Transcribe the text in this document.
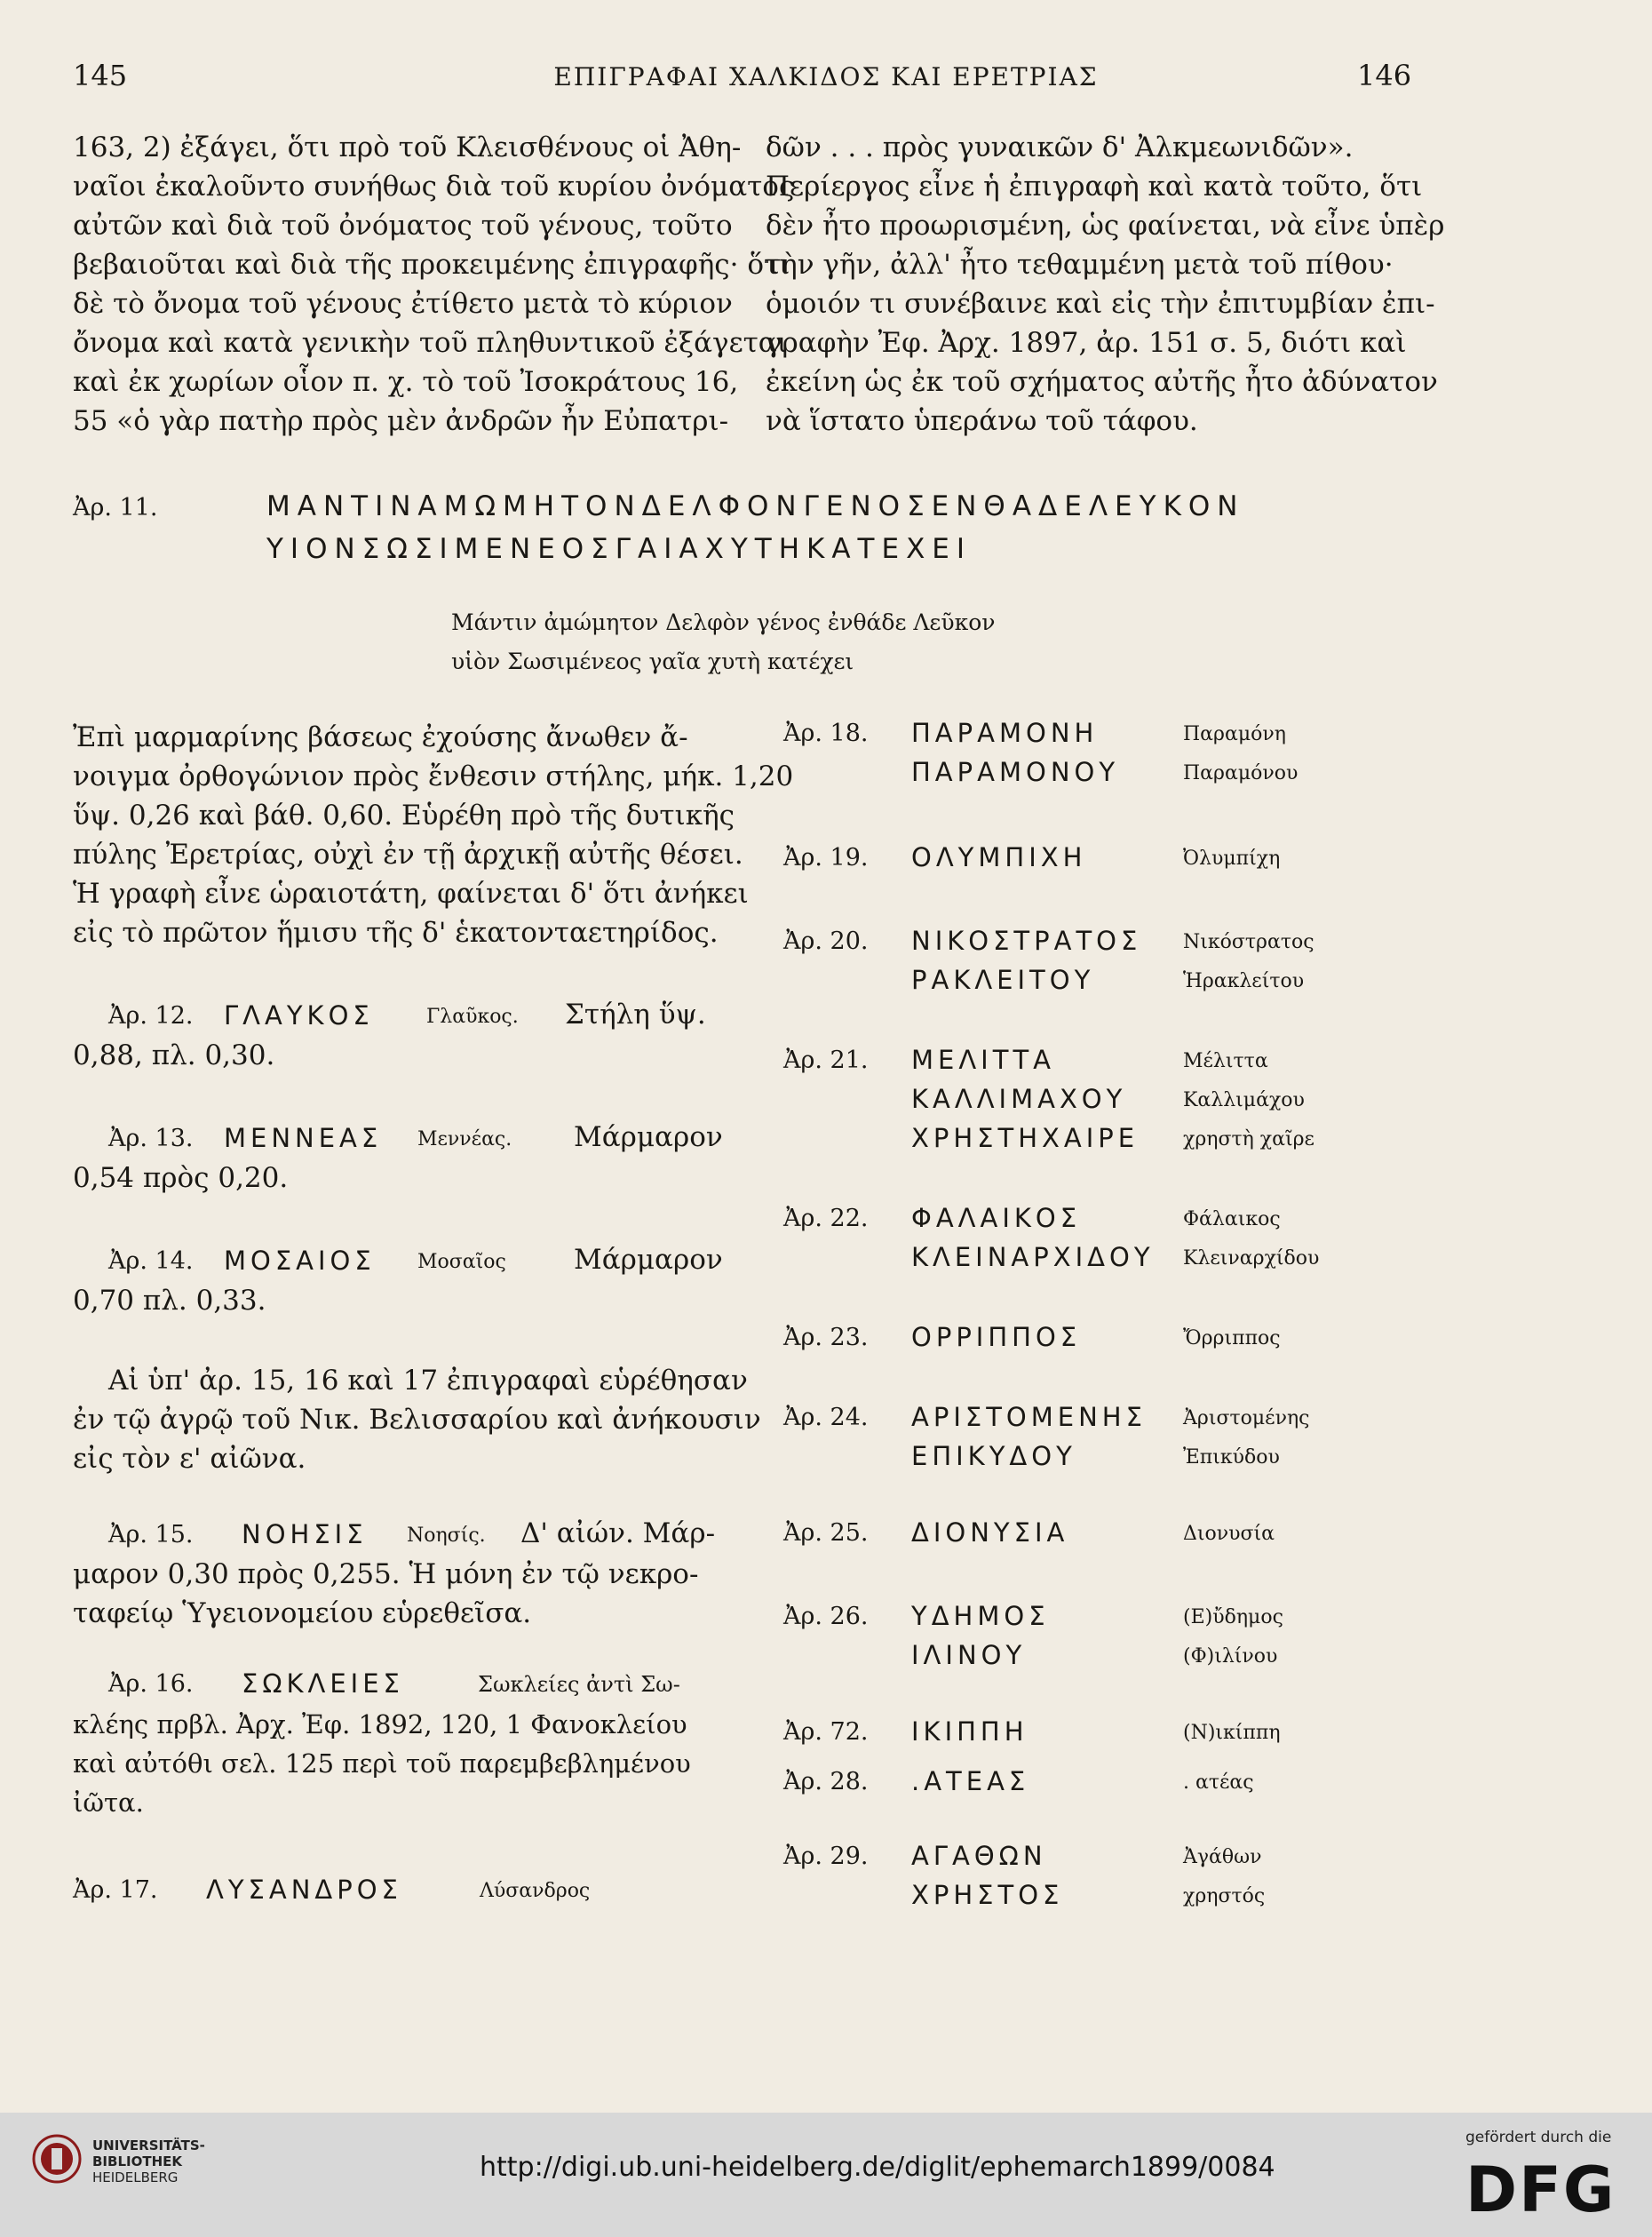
145	ΕΠΙΓΡΑΦΑΙ ΧΑΛΚΙΔΟΣ ΚΑΙ ΕΡΕΤΡΙΑΣ	146
163, 2) ἐξάγει, ὅτι πρὸ τοῦ Κλεισθένους οἱ Ἀθη-
ναῖοι ἐκαλοῦντο συνήθως διὰ τοῦ κυρίου ὀνόματος
αὐτῶν καὶ διὰ τοῦ ὀνόματος τοῦ γένους, τοῦτο
βεβαιοῦται καὶ διὰ τῆς προκειμένης ἐπιγραφῆς· ὅτι
δὲ τὸ ὄνομα τοῦ γένους ἐτίθετο μετὰ τὸ κύριον
ὄνομα καὶ κατὰ γενικὴν τοῦ πληθυντικοῦ ἐξάγεται
καὶ ἐκ χωρίων οἷον π. χ. τὸ τοῦ Ἰσοκράτους 16,
55 «ὁ γὰρ πατὴρ πρὸς μὲν ἀνδρῶν ἦν Εὐπατρι-
δῶν . . . πρὸς γυναικῶν δ' Ἀλκμεωνιδῶν».
Περίεργος εἶνε ἡ ἐπιγραφὴ καὶ κατὰ τοῦτο, ὅτι
δὲν ἦτο προωρισμένη, ὡς φαίνεται, νὰ εἶνε ὑπὲρ
τὴν γῆν, ἀλλ' ἦτο τεθαμμένη μετὰ τοῦ πίθου·
ὁμοιόν τι συνέβαινε καὶ εἰς τὴν ἐπιτυμβίαν ἐπι-
γραφὴν Ἐφ. Ἀρχ. 1897, ἀρ. 151 σ. 5, διότι καὶ
ἐκείνη ὡς ἐκ τοῦ σχήματος αὐτῆς ἦτο ἀδύνατον
νὰ ἵστατο ὑπεράνω τοῦ τάφου.
Ἀρ. 11.	ΜΑΝΤΙΝΑΜΩΜΗΤΟΝΔΕΛΦΟΝΓΕΝΟΣΕΝΘΑΔΕΛΕΥΚΟΝ
ΥΙΟΝΣΩΣΙΜΕΝΕΟΣΓΑΙΑΧΥΤΗΚΑΤΕΧΕΙ
Μάντιν ἀμώμητον Δελφὸν γένος ἐνθάδε Λεῦκον
υἱὸν Σωσιμένεος γαῖα χυτὴ κατέχει
Ἐπὶ μαρμαρίνης βάσεως ἐχούσης ἄνωθεν ἄ-
νοιγμα ὀρθογώνιον πρὸς ἔνθεσιν στήλης, μήκ. 1,20
ὕψ. 0,26 καὶ βάθ. 0,60. Εὑρέθη πρὸ τῆς δυτικῆς
πύλης Ἐρετρίας, οὐχὶ ἐν τῇ ἀρχικῇ αὐτῆς θέσει.
Ἡ γραφὴ εἶνε ὡραιοτάτη, φαίνεται δ' ὅτι ἀνήκει
εἰς τὸ πρῶτον ἥμισυ τῆς δ' ἑκατονταετηρίδος.
Ἀρ. 12. ΓΛΑΥΚΟΣ	Γλαῦκος. Στήλη ὕψ.
0,88, πλ. 0,30.
Ἀρ. 13. ΜΕΝΝΕΑΣ Μεννέας. Μάρμαρον
0,54 πρὸς 0,20.
Ἀρ. 14. ΜΟΣΑΙΟΣ Μοσαῖος Μάρμαρον
0,70 πλ. 0,33.
Αἱ ὑπ' ἀρ. 15, 16 καὶ 17 ἐπιγραφαὶ εὑρέθησαν
ἐν τῷ ἀγρῷ τοῦ Νικ. Βελισσαρίου καὶ ἀνήκουσιν
εἰς τὸν ε' αἰῶνα.
Ἀρ. 15. ΝΟΗΣΙΣ Νοησίς. Δ' αἰών. Μάρ-
μαρον 0,30 πρὸς 0,255. Ἡ μόνη ἐν τῷ νεκρο-
ταφείῳ Ὑγειονομείου εὑρεθεῖσα.
Ἀρ. 16. ΣΩΚΛΕΙΕΣ	Σωκλείες ἀντὶ Σω-
κλέης πρβλ. Ἀρχ. Ἐφ. 1892, 120, 1 Φανοκλείου
καὶ αὐτόθι σελ. 125 περὶ τοῦ παρεμβεβλημένου
ἰῶτα.
Ἀρ. 17. ΛΥΣΑΝΔΡΟΣ	Λύσανδρος
Ἀρ. 18. ΠΑΡΑΜΟΝΗ	Παραμόνη
ΠΑΡΑΜΟΝΟΥ	Παραμόνου
Ἀρ. 19. ΟΛΥΜΠΙΧΗ	Ὀλυμπίχη
Ἀρ. 20. ΝΙΚΟΣΤΡΑΤΟΣ Νικόστρατος
ΡΑΚΛΕΙΤΟΥ	Ἡρακλείτου
Ἀρ. 21. ΜΕΛΙΤΤΑ	Μέλιττα
ΚΑΛΛΙΜΑΧΟΥ	Καλλιμάχου
ΧΡΗΣΤΗΧΑΙΡΕ χρηστὴ χαῖρε
Ἀρ. 22. ΦΑΛΑΙΚΟΣ	Φάλαικος
ΚΛΕΙΝΑΡΧΙΔΟΥ Κλειναρχίδου
Ἀρ. 23. ΟΡΡΙΠΠΟΣ	Ὄρριππος
Ἀρ. 24. ΑΡΙΣΤΟΜΕΝΗΣ Ἀριστομένης
ΕΠΙΚΥΔΟΥ	Ἐπικύδου
Ἀρ. 25. ΔΙΟΝΥΣΙΑ	Διονυσία
Ἀρ. 26. ΥΔΗΜΟΣ	(Ε)ὔδημος
ΙΛΙΝΟΥ	(Φ)ιλίνου
Ἀρ. 72. ΙΚΙΠΠΗ	(Ν)ικίππη
Ἀρ. 28. .ΑΤΕΑΣ	. ατέας
Ἀρ. 29. ΑΓΑΘΩΝ	Ἀγάθων
ΧΡΗΣΤΟΣ	χρηστός
UNIVERSITÄTS-
BIBLIOTHEK
HEIDELBERG	http://digi.ub.uni-heidelberg.de/diglit/ephemarch1899/0084
gefördert durch die
DFG
